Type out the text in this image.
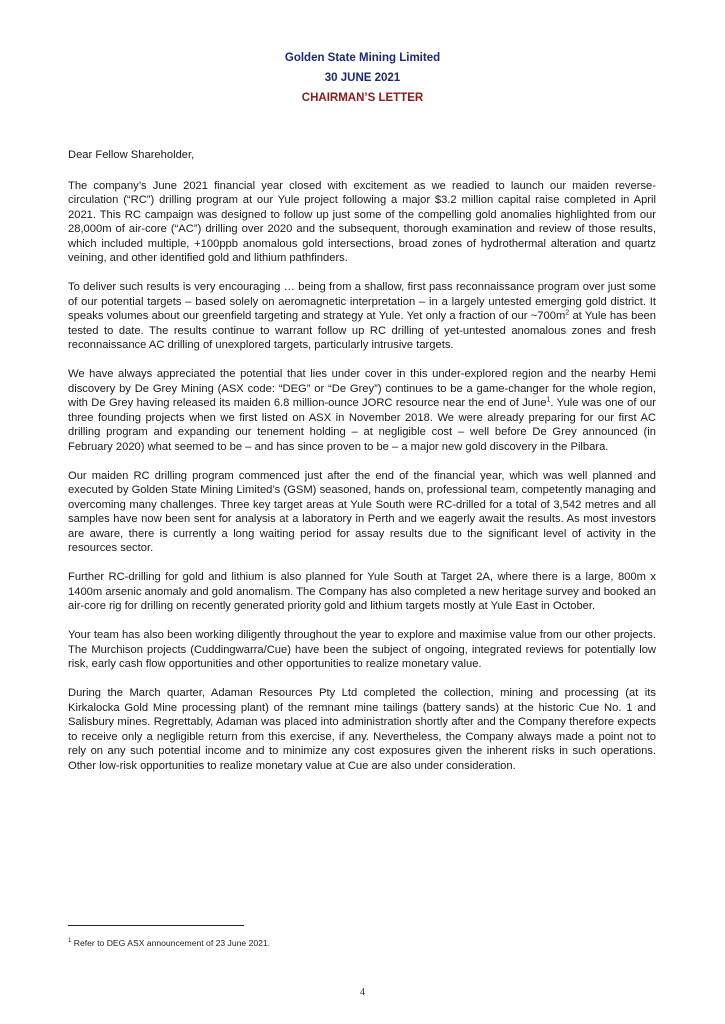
Golden State Mining Limited

30 JUNE 2021

CHAIRMAN’S LETTER

Dear Fellow Shareholder,

The company’s June 2021 financial year closed with excitement as we readied to launch our maiden reverse-circulation (“RC”) drilling program at our Yule project following a major $3.2 million capital raise completed in April 2021. This RC campaign was designed to follow up just some of the compelling gold anomalies highlighted from our 28,000m of air-core (“AC”) drilling over 2020 and the subsequent, thorough examination and review of those results, which included multiple, +100ppb anomalous gold intersections, broad zones of hydrothermal alteration and quartz veining, and other identified gold and lithium pathfinders.

To deliver such results is very encouraging … being from a shallow, first pass reconnaissance program over just some of our potential targets – based solely on aeromagnetic interpretation – in a largely untested emerging gold district. It speaks volumes about our greenfield targeting and strategy at Yule. Yet only a fraction of our $\sim 700m^2$ at Yule has been tested to date. The results continue to warrant follow up RC drilling of yet-untested anomalous zones and fresh reconnaissance AC drilling of unexplored targets, particularly intrusive targets.

We have always appreciated the potential that lies under cover in this under-explored region and the nearby Hemi discovery by De Grey Mining (ASX code: “DEG” or “De Grey”) continues to be a game-changer for the whole region, with De Grey having released its maiden 6.8 million-ounce JORC resource near the end of June$^1$. Yule was one of our three founding projects when we first listed on ASX in November 2018. We were already preparing for our first AC drilling program and expanding our tenement holding – at negligible cost – well before De Grey announced (in February 2020) what seemed to be – and has since proven to be – a major new gold discovery in the Pilbara.

Our maiden RC drilling program commenced just after the end of the financial year, which was well planned and executed by Golden State Mining Limited’s (GSM) seasoned, hands on, professional team, competently managing and overcoming many challenges. Three key target areas at Yule South were RC-drilled for a total of 3,542 metres and all samples have now been sent for analysis at a laboratory in Perth and we eagerly await the results. As most investors are aware, there is currently a long waiting period for assay results due to the significant level of activity in the resources sector.

Further RC-drilling for gold and lithium is also planned for Yule South at Target 2A, where there is a large, 800m x 1400m arsenic anomaly and gold anomalism. The Company has also completed a new heritage survey and booked an air-core rig for drilling on recently generated priority gold and lithium targets mostly at Yule East in October.

Your team has also been working diligently throughout the year to explore and maximise value from our other projects. The Murchison projects (Cuddingwarra/Cue) have been the subject of ongoing, integrated reviews for potentially low risk, early cash flow opportunities and other opportunities to realize monetary value.

During the March quarter, Adaman Resources Pty Ltd completed the collection, mining and processing (at its Kirkalocka Gold Mine processing plant) of the remnant mine tailings (battery sands) at the historic Cue No. 1 and Salisbury mines. Regrettably, Adaman was placed into administration shortly after and the Company therefore expects to receive only a negligible return from this exercise, if any. Nevertheless, the Company always made a point not to rely on any such potential income and to minimize any cost exposures given the inherent risks in such operations. Other low-risk opportunities to realize monetary value at Cue are also under consideration.

$^1$ Refer to DEG ASX announcement of 23 June 2021.
4
